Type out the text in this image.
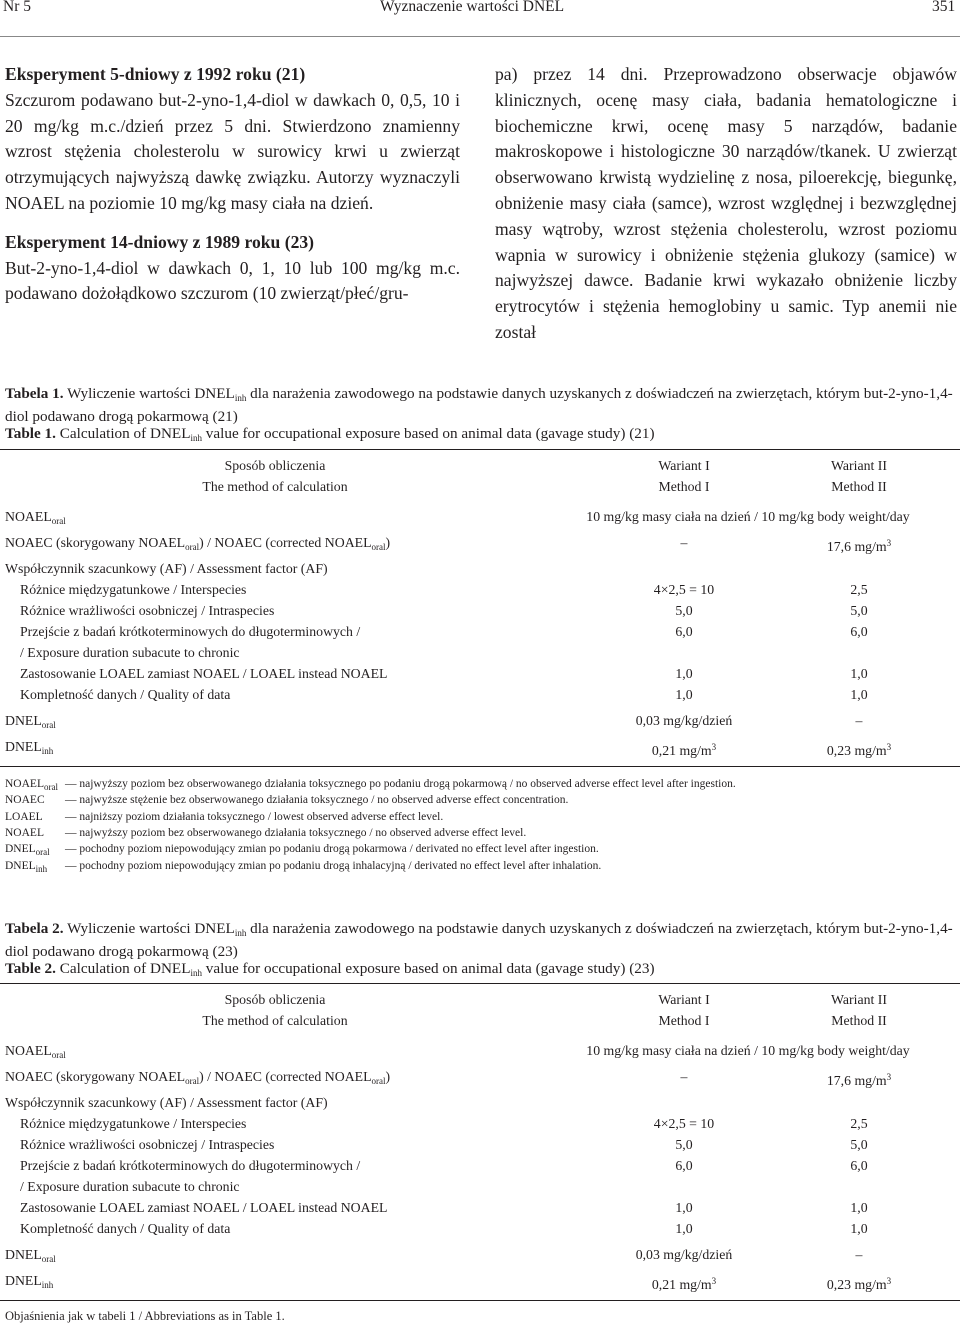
Nr 5	Wyznaczenie wartości DNEL	351
Eksperyment 5-dniowy z 1992 roku (21)

Szczurom podawano but-2-yno-1,4-diol w dawkach 0, 0,5, 10 i 20 mg/kg m.c./dzień przez 5 dni. Stwierdzono znamienny wzrost stężenia cholesterolu w surowicy krwi u zwierząt otrzymujących najwyższą dawkę związku. Autorzy wyznaczyli NOAEL na poziomie 10 mg/kg masy ciała na dzień.

Eksperyment 14-dniowy z 1989 roku (23)

But-2-yno-1,4-diol w dawkach 0, 1, 10 lub 100 mg/kg m.c. podawano dożołądkowo szczurom (10 zwierząt/płeć/gru-

pa) przez 14 dni. Przeprowadzono obserwacje objawów klinicznych, ocenę masy ciała, badania hematologiczne i biochemiczne krwi, ocenę masy 5 narządów, badanie makroskopowe i histologiczne 30 narządów/tkanek. U zwierząt obserwowano krwistą wydzielinę z nosa, piloerekcję, biegunkę, obniżenie masy ciała (samce), wzrost względnej i bezwzględnej masy wątroby, wzrost stężenia cholesterolu, wzrost poziomu wapnia w surowicy i obniżenie stężenia glukozy (samice) w najwyższej dawce. Badanie krwi wykazało obniżenie liczby erytrocytów i stężenia hemoglobiny u samic. Typ anemii nie został

Tabela 1. Wyliczenie wartości $DNEL_{inh}$ dla narażenia zawodowego na podstawie danych uzyskanych z doświadczeń na zwierzętach, którym but-2-yno-1,4-diol podawano drogą pokarmową (21)
Table 1. Calculation of $DNEL_{inh}$ value for occupational exposure based on animal data (gavage study) (21)
Sposób obliczenia	Wariant I	Wariant II
The method of calculation	Method I	Method II
$NOAEL_{oral}$	10 mg/kg masy ciała na dzień / 10 mg/kg body weight/day
NOAEC (skorygowany $NOAEL_{oral}$) / NOAEC (corrected $NOAEL_{oral}$)	–	17,6 $mg/m^3$
Współczynnik szacunkowy (AF) / Assessment factor (AF)
Różnice międzygatunkowe / Interspecies	4×2,5 = 10	2,5
Różnice wrażliwości osobniczej / Intraspecies	5,0	5,0
Przejście z badań krótkoterminowych do długoterminowych /	6,0	6,0
/ Exposure duration subacute to chronic
Zastosowanie LOAEL zamiast NOAEL / LOAEL instead NOAEL	1,0	1,0
Kompletność danych / Quality of data	1,0	1,0
$DNEL_{oral}$	0,03 mg/kg/dzień	–
$DNEL_{inh}$	0,21 $mg/m^3$	0,23 $mg/m^3$
$NOAEL_{oral}$ — najwyższy poziom bez obserwowanego działania toksycznego po podaniu drogą pokarmową / no observed adverse effect level after ingestion.
NOAEC — najwyższe stężenie bez obserwowanego działania toksycznego / no observed adverse effect concentration.
LOAEL — najniższy poziom działania toksycznego / lowest observed adverse effect level.
NOAEL — najwyższy poziom bez obserwowanego działania toksycznego / no observed adverse effect level.
$DNEL_{oral}$ — pochodny poziom niepowodujący zmian po podaniu drogą pokarmowa / derivated no effect level after ingestion.
$DNEL_{inh}$ — pochodny poziom niepowodujący zmian po podaniu drogą inhalacyjną / derivated no effect level after inhalation.
Tabela 2. Wyliczenie wartości $DNEL_{inh}$ dla narażenia zawodowego na podstawie danych uzyskanych z doświadczeń na zwierzętach, którym but-2-yno-1,4-diol podawano drogą pokarmową (23)
Table 2. Calculation of $DNEL_{inh}$ value for occupational exposure based on animal data (gavage study) (23)
Sposób obliczenia	Wariant I	Wariant II
The method of calculation	Method I	Method II
$NOAEL_{oral}$	10 mg/kg masy ciała na dzień / 10 mg/kg body weight/day
NOAEC (skorygowany $NOAEL_{oral}$) / NOAEC (corrected $NOAEL_{oral}$)	–	17,6 $mg/m^3$
Współczynnik szacunkowy (AF) / Assessment factor (AF)
Różnice międzygatunkowe / Interspecies	4×2,5 = 10	2,5
Różnice wrażliwości osobniczej / Intraspecies	5,0	5,0
Przejście z badań krótkoterminowych do długoterminowych /	6,0	6,0
/ Exposure duration subacute to chronic
Zastosowanie LOAEL zamiast NOAEL / LOAEL instead NOAEL	1,0	1,0
Kompletność danych / Quality of data	1,0	1,0
$DNEL_{oral}$	0,03 mg/kg/dzień	–
$DNEL_{inh}$	0,21 $mg/m^3$	0,23 $mg/m^3$
Objaśnienia jak w tabeli 1 / Abbreviations as in Table 1.
